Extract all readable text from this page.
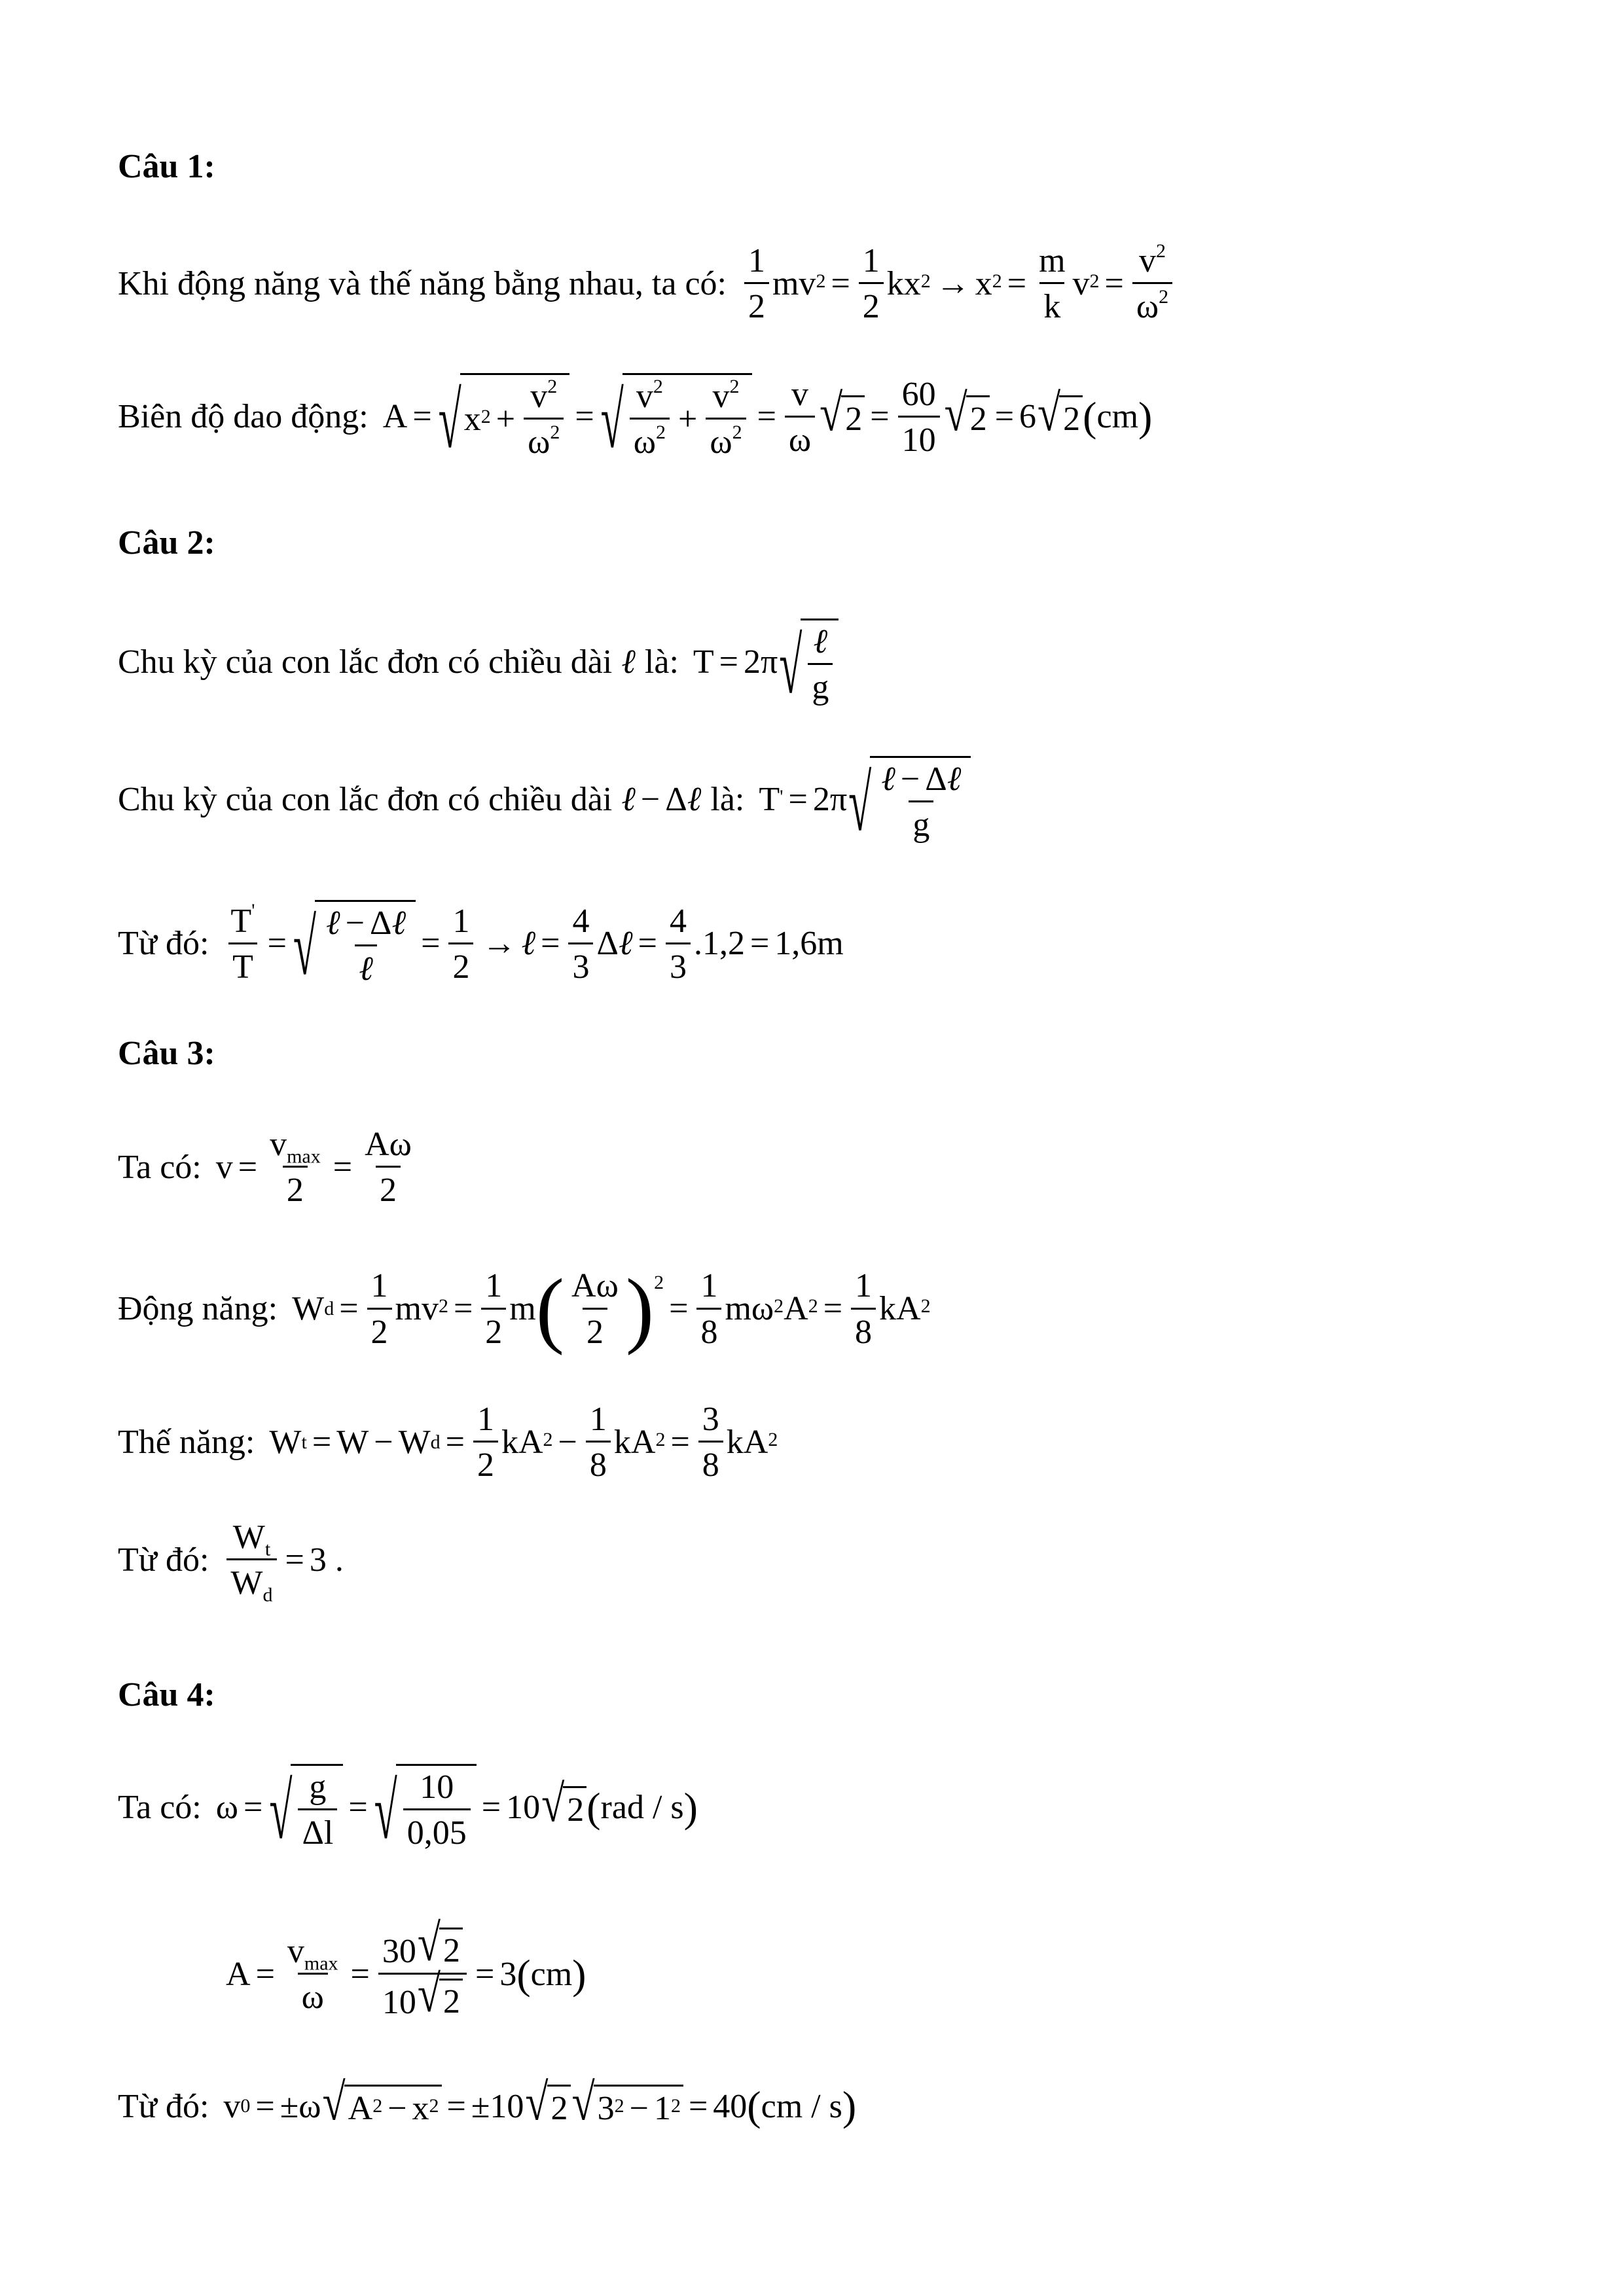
Câu 1:
Khi động năng và thế năng bằng nhau, ta có: $\frac{1}{2} mv^2 = \frac{1}{2} kx^2 \to x^2 = \frac{m}{k} v^2 = \frac{v^2}{\omega^2}$
Biên độ dao động: A = √ $x^2 + \frac{v^2}{\omega^2}$ = √ $\frac{v^2}{\omega^2} + \frac{v^2}{\omega^2} = \frac{v}{\omega}$ √ $2 = \frac{60}{10}$ √ 2 = 6 √ 2 ( cm )
Câu 2:
Chu kỳ của con lắc đơn có chiều dài ℓ là: T = 2π √ $\frac{\text{ℓ}}{g}$
Chu kỳ của con lắc đơn có chiều dài ℓ − Δ ℓ là: T' = 2π √ $\frac{\text{ℓ − Δℓ}}{g}$
Từ đó: $\frac{T'}{T}$ = √ $\frac{\text{ℓ − Δℓ}}{\text{ℓ}} = \frac{1}{2}$ → ℓ = $\frac{4}{3}$ Δ ℓ = $\frac{4}{3} .1,2 = 1,6m$
Câu 3:
Ta có: $v = \frac{v_{max}}{2} = \frac{A\omega}{2}$
Động năng: W $d = \frac{1}{2} mv^2 = \frac{1}{2}$ m ( $\frac{A\omega}{2} )^2$
= $\frac{1}{8} m\omega^2$ $A^2 = \frac{1}{8} kA^2$
Thế năng: W t = W − W $d = \frac{1}{2} kA^2 - \frac{1}{8} kA^2 = \frac{3}{8} kA^2$
Từ đó: $\frac{W_t}{W_d} = 3$ .
Câu 4:
Ta có: ω = √ $\frac{g}{\Delta l}$ = √ $\frac{10}{0,05} = 10$ √ 2 ( rad / s )
$A = \frac{v_{max}}{\omega} = \frac{30 √ 2}{10 √ 2} = 3$ ( cm )
Từ đó: v 0 = ±ω √ $A^2 - x^2 = \pm 10$ √ 2 √ $3^2 - 1^2 = 40$ ( cm / s )
